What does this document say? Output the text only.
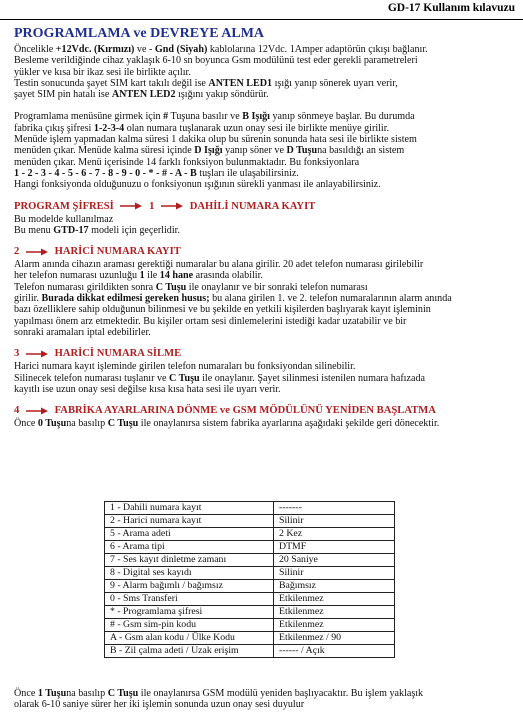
GD-17 Kullanım kılavuzu
PROGRAMLAMA ve DEVREYE ALMA
Öncelikle +12Vdc. (Kırmızı) ve - Gnd (Siyah) kablolarına 12Vdc. 1Amper adaptörün çıkışı bağlanır.
Besleme verildiğinde cihaz yaklaşık 6-10 sn boyunca Gsm modülünü test eder gerekli parametreleri
yükler ve kısa bir ikaz sesi ile birlikte açılır.
Testin sonucunda şayet SIM kart takılı değil ise ANTEN LED1 ışığı yanıp sönerek uyarı verir,
şayet SIM pin hatalı ise ANTEN LED2 ışığını yakıp söndürür.
Programlama menüsüne girmek için # Tuşuna basılır ve B Işığı yanıp sönmeye başlar. Bu durumda
fabrika çıkış şifresi 1-2-3-4 olan numara tuşlanarak uzun onay sesi ile birlikte menüye girilir.
Menüde işlem yapmadan kalma süresi 1 dakika olup bu sürenin sonunda hata sesi ile birlikte sistem
menüden çıkar. Menüde kalma süresi içinde D Işığı yanıp söner ve D Tuşuna basıldığı an sistem
menüden çıkar. Menü içerisinde 14 farklı fonksiyon bulunmaktadır. Bu fonksiyonlara
1 - 2 - 3 - 4 - 5 - 6 - 7 - 8 - 9 - 0 - * - # - A - B tuşları ile ulaşabilirsiniz.
Hangi fonksiyonda olduğunuzu o fonksiyonun ışığının sürekli yanması ile anlayabilirsiniz.
PROGRAM ŞİFRESİ	1	DAHİLİ NUMARA KAYIT
Bu modelde kullanılmaz
Bu menu GTD-17 modeli için geçerlidir.
2	HARİCİ NUMARA KAYIT
Alarm anında cihazın araması gerektiği numaralar bu alana girilir. 20 adet telefon numarası girilebilir
her telefon numarası uzunluğu 1 ile 14 hane arasında olabilir.
Telefon numarası girildikten sonra C Tuşu ile onaylanır ve bir sonraki telefon numarası
girilir. Burada dikkat edilmesi gereken husus; bu alana girilen 1. ve 2. telefon numaralarının alarm anında
bazı özelliklere sahip olduğunun bilinmesi ve bu şekilde en yetkili kişilerden başlıyarak kayıt işleminin
yapılması önem arz etmektedir. Bu kişiler ortam sesi dinlemelerini istediği kadar uzatabilir ve bir
sonraki aramaları iptal edebilirler.
3	HARİCİ NUMARA SİLME
Harici numara kayıt işleminde girilen telefon numaraları bu fonksiyondan silinebilir.
Silinecek telefon numarası tuşlanır ve C Tuşu ile onaylanır. Şayet silinmesi istenilen numara hafızada
kayıtlı ise uzun onay sesi değilse kısa kısa hata sesi ile uyarı verir.
4	FABRİKA AYARLARINA DÖNME ve GSM MÖDÜLÜNÜ YENİDEN BAŞLATMA
Önce 0 Tuşuna basılıp C Tuşu ile onaylanırsa sistem fabrika ayarlarına aşağıdaki şekilde geri dönecektir.
1 - Dahili numara kayıt	-------
2 - Harici numara kayıt	Silinir
5 - Arama adeti	2 Kez
6 - Arama tipi	DTMF
7 - Ses kayıt dinletme zamanı	20 Saniye
8 - Digital ses kayıdı	Silinir
9 - Alarm bağımlı / bağımsız	Bağımsız
0 - Sms Transferi	Etkilenmez
* - Programlama şifresi	Etkilenmez
# - Gsm sim-pin kodu	Etkilenmez
A - Gsm alan kodu / Ülke Kodu	Etkilenmez / 90
B - Zil çalma adeti / Uzak erişim	------ / Açık
Önce 1 Tuşuna basılıp C Tuşu ile onaylanırsa GSM modülü yeniden başlıyacaktır. Bu işlem yaklaşık
olarak 6-10 saniye sürer her iki işlemin sonunda uzun onay sesi duyulur
